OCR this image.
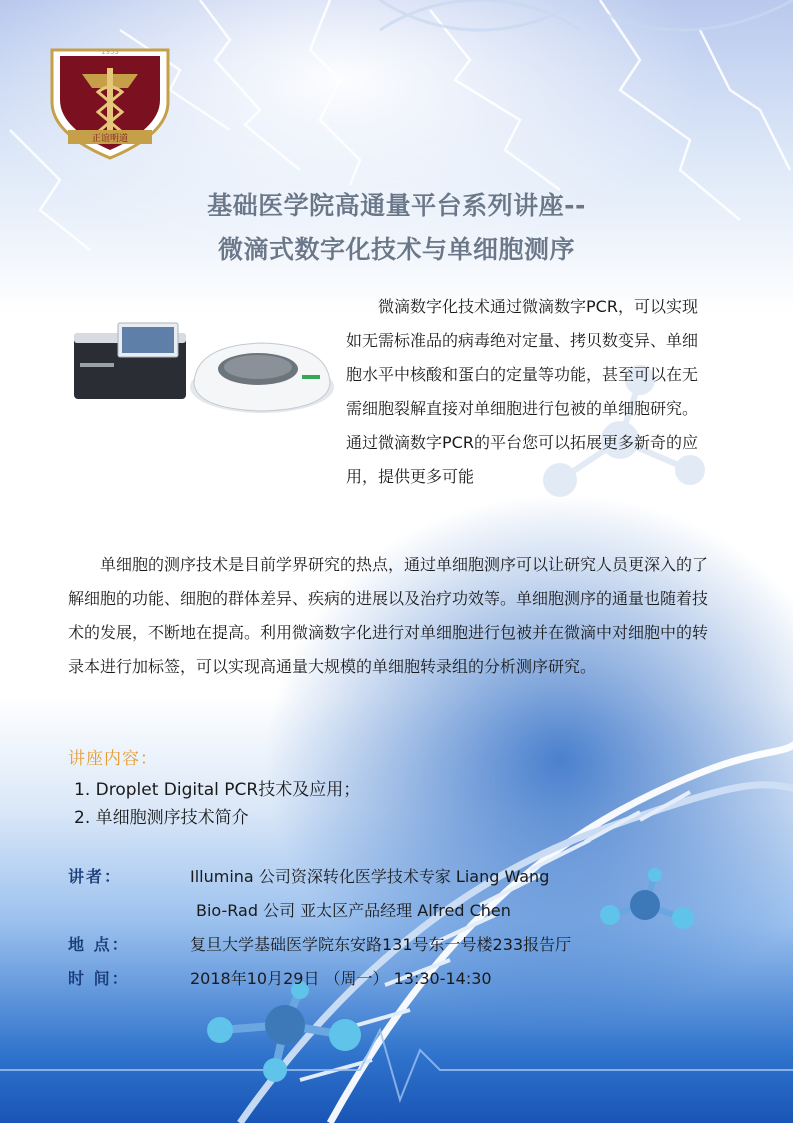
1953
正谊明道
基础医学院高通量平台系列讲座--
微滴式数字化技术与单细胞测序

微滴数字化技术通过微滴数字PCR，可以实现如无需标准品的病毒绝对定量、拷贝数变异、单细胞水平中核酸和蛋白的定量等功能，甚至可以在无需细胞裂解直接对单细胞进行包被的单细胞研究。通过微滴数字PCR的平台您可以拓展更多新奇的应用，提供更多可能

单细胞的测序技术是目前学界研究的热点，通过单细胞测序可以让研究人员更深入的了解细胞的功能、细胞的群体差异、疾病的进展以及治疗功效等。单细胞测序的通量也随着技术的发展，不断地在提高。利用微滴数字化进行对单细胞进行包被并在微滴中对细胞中的转录本进行加标签，可以实现高通量大规模的单细胞转录组的分析测序研究。

讲座内容：
1. Droplet Digital PCR技术及应用；
2. 单细胞测序技术简介
讲者：	Illumina 公司资深转化医学技术专家 Liang Wang
Bio-Rad 公司 亚太区产品经理 Alfred Chen
地 点：	复旦大学基础医学院东安路131号东一号楼233报告厅
时 间：	2018年10月29日 （周一） 13:30-14:30
